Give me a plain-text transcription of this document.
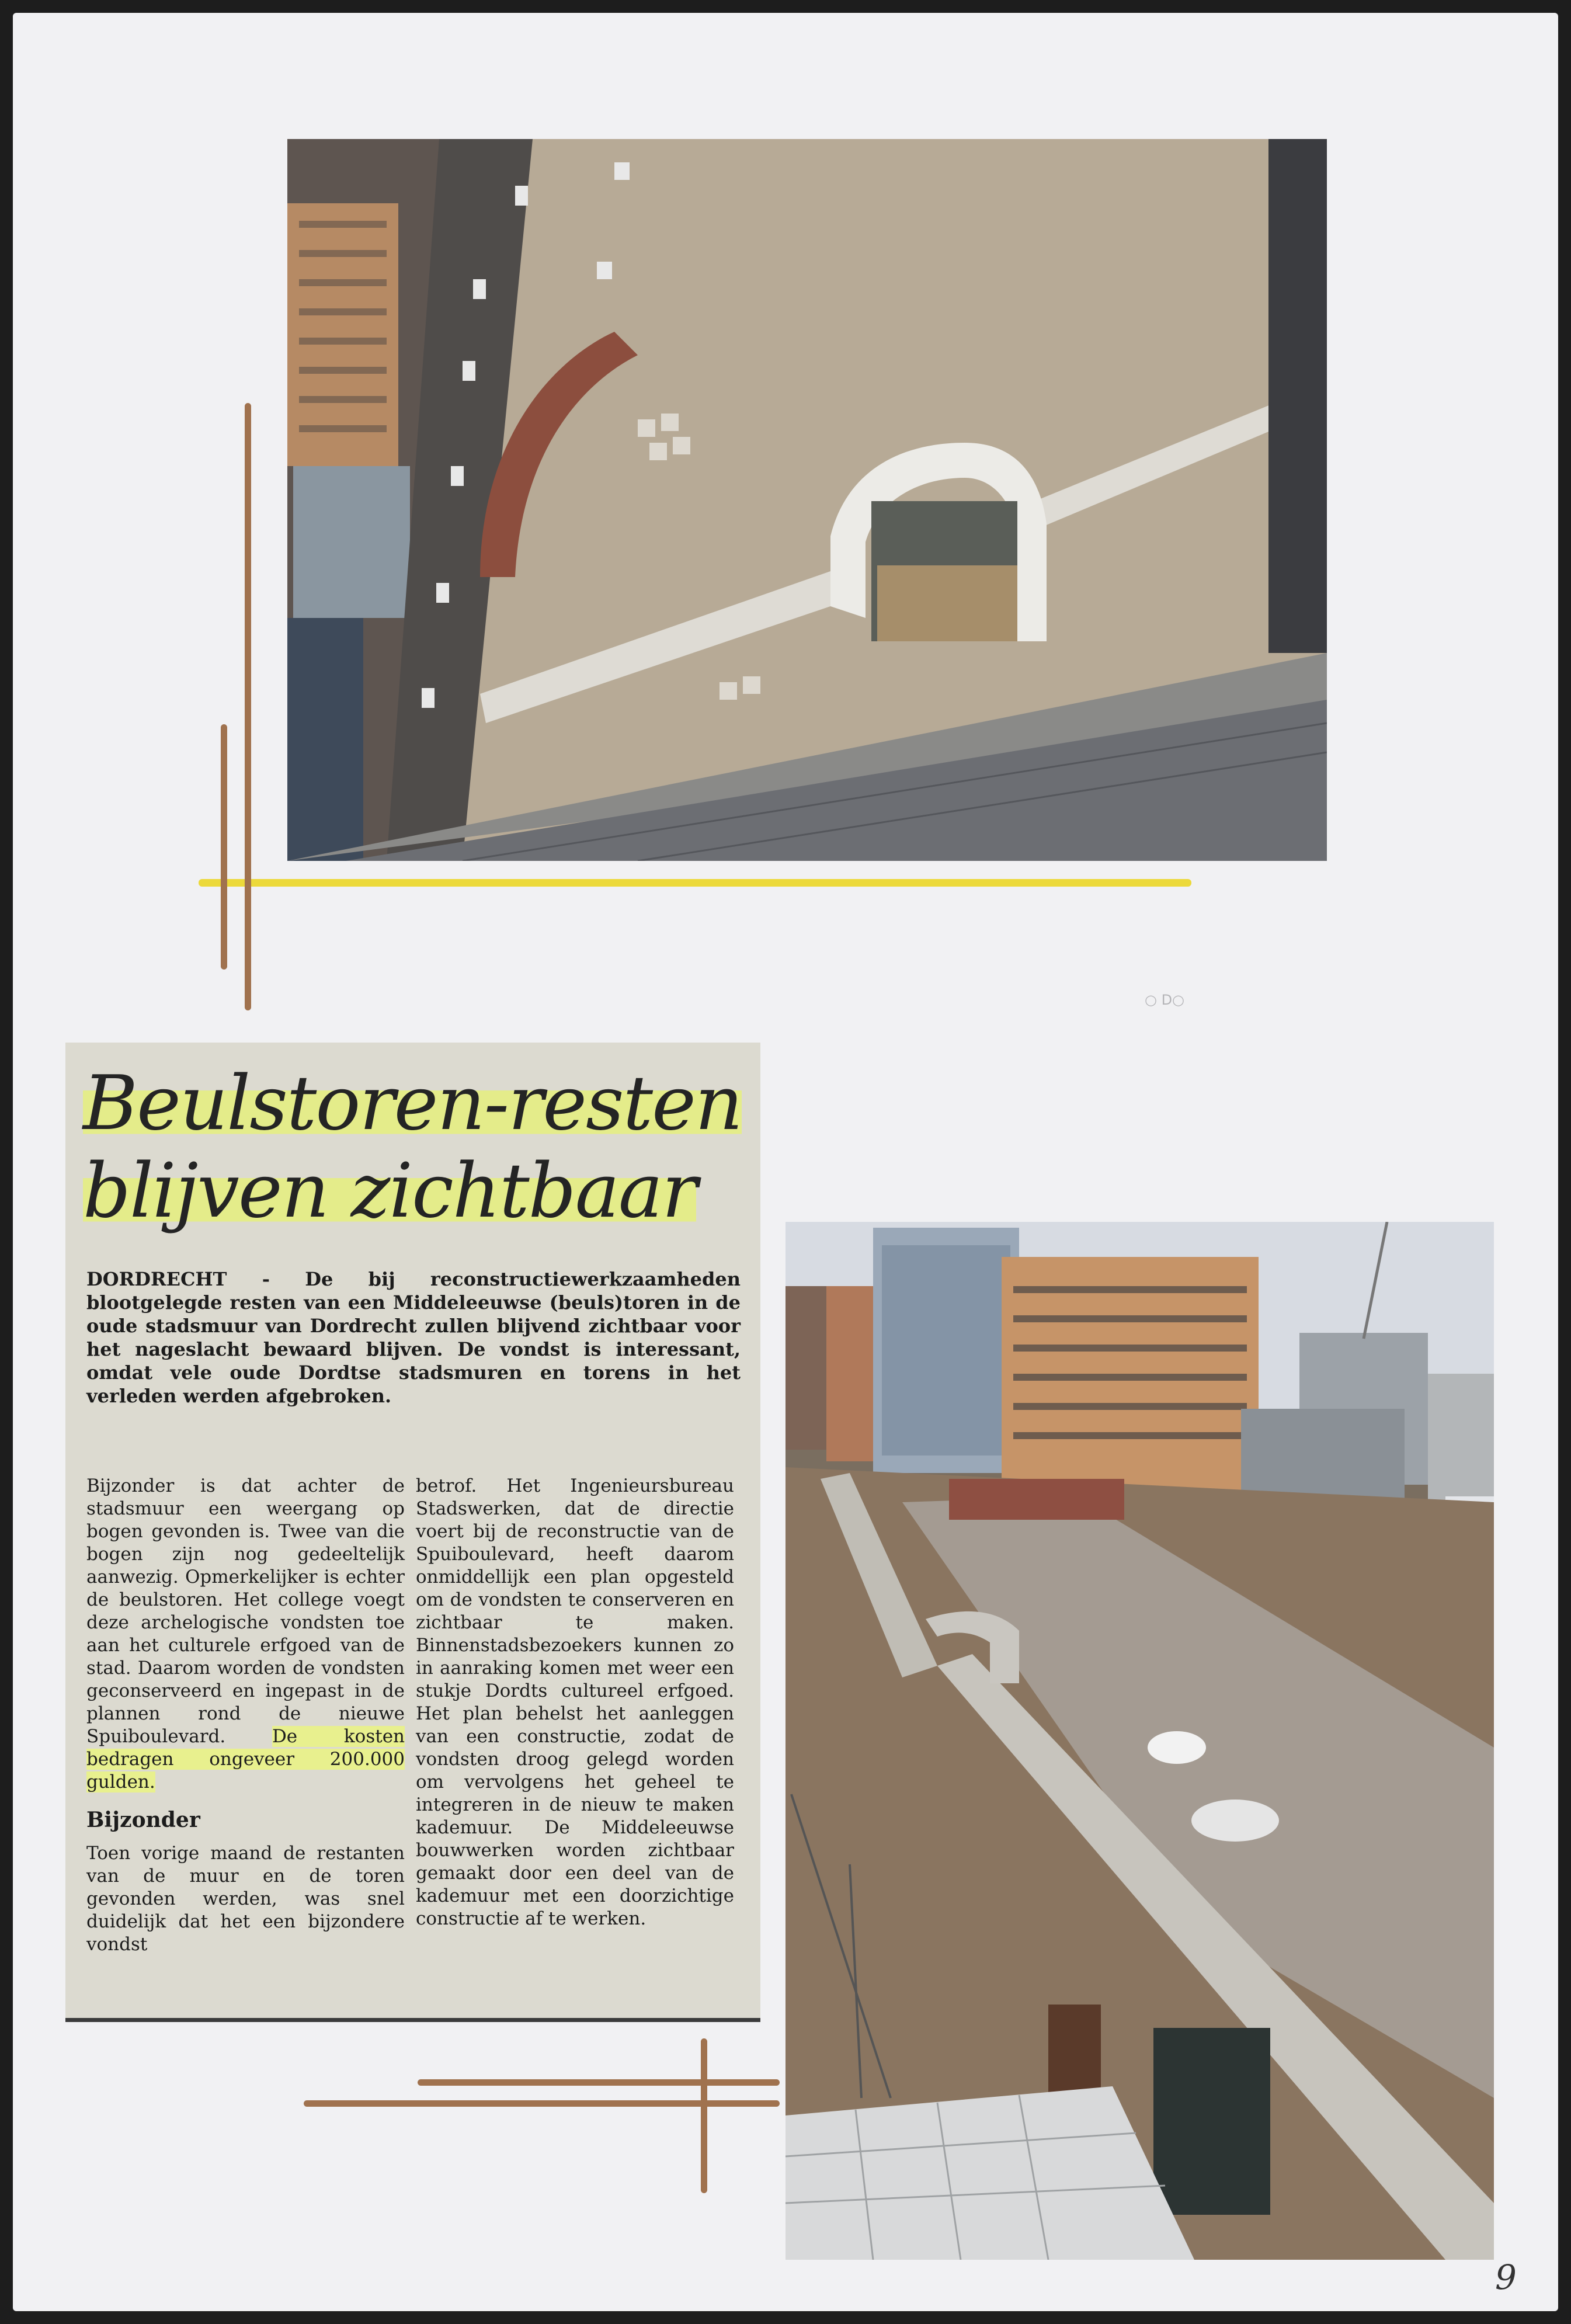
○ D○
Beulstoren-resten
blijven zichtbaar
DORDRECHT - De bij reconstructiewerkzaamheden blootgelegde resten van een Middeleeuwse (beuls)toren in de oude stadsmuur van Dordrecht zullen blijvend zichtbaar voor het nageslacht bewaard blijven. De vondst is interessant, omdat vele oude Dordtse stadsmuren en torens in het verleden werden afgebroken.

Bijzonder is dat achter de stadsmuur een weergang op bogen gevonden is. Twee van die bogen zijn nog gedeeltelijk aanwezig. Opmerkelijker is echter de beulstoren. Het college voegt deze archelogische vondsten toe aan het culturele erfgoed van de stad. Daarom worden de vondsten geconserveerd en ingepast in de plannen rond de nieuwe Spuiboulevard.	De kosten bedragen ongeveer 200.000 gulden.

Bijzonder

Toen vorige maand de restanten van de muur en de toren gevonden werden, was snel duidelijk dat het een bijzondere vondst

betrof. Het Ingenieursbureau Stadswerken, dat de directie voert bij de reconstructie van de Spuiboulevard, heeft daarom onmiddellijk een plan opgesteld om de vondsten te conserveren en zichtbaar te maken. Binnenstadsbezoekers kunnen zo in aanraking komen met weer een stukje Dordts cultureel erfgoed. Het plan behelst het aanleggen van een constructie, zodat de vondsten droog gelegd worden om vervolgens het geheel te integreren in de nieuw te maken kademuur. De Middeleeuwse bouwwerken worden zichtbaar gemaakt door een deel van de kademuur met een doorzichtige constructie af te werken.

9
